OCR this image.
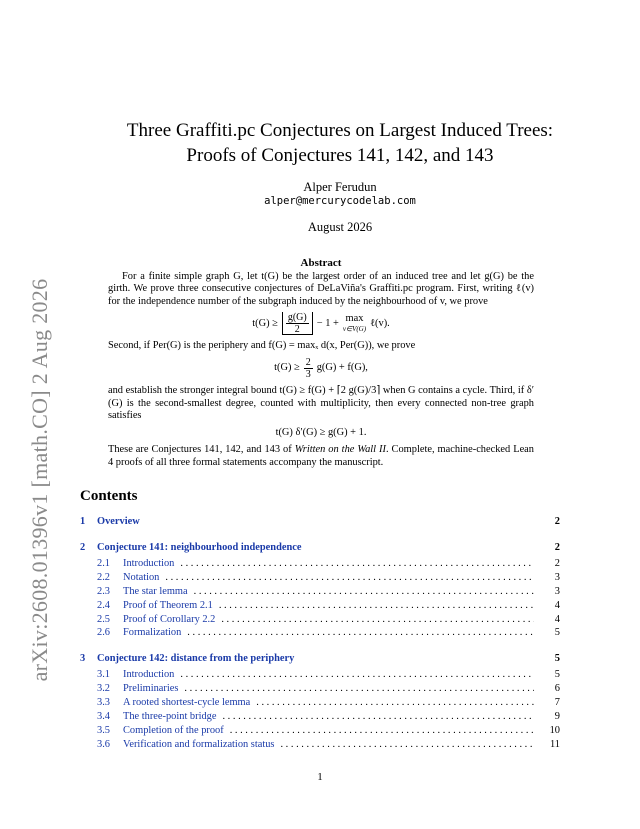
arXiv:2608.01396v1 [math.CO] 2 Aug 2026
Three Graffiti.pc Conjectures on Largest Induced Trees:
Proofs of Conjectures 141, 142, and 143
Alper Ferudun
alper@mercurycodelab.com
August 2026
Abstract

For a finite simple graph G, let t(G) be the largest order of an induced tree and let g(G) be the girth. We prove three consecutive conjectures of DeLaViña's Graffiti.pc program. First, writing ℓ(v) for the independence number of the subgraph induced by the neighbourhood of v, we prove

$t(G) \ge \frac{g(G)}{2} - 1 + \max$
v∈V(G)
ℓ(v).

Second, if Per(G) is the periphery and f(G) = maxₓ d(x, Per(G)), we prove

$t(G) \ge \frac{2}{3} g(G) + f(G)$,

and establish the stronger integral bound t(G) ≥ f(G) + ⌈2 g(G)/3⌉ when G contains a cycle. Third, if δ′(G) is the second-smallest degree, counted with multiplicity, then every connected non-tree graph satisfies

t(G) δ′(G) ≥ g(G) + 1.

These are Conjectures 141, 142, and 143 of Written on the Wall II. Complete, machine-checked Lean 4 proofs of all three formal statements accompany the manuscript.

Contents
1	Overview	2
2	Conjecture 141: neighbourhood independence	2
2.1	Introduction . . .	2
2.2	Notation . . .	3
2.3	The star lemma . . .	3
2.4	Proof of Theorem 2.1 . . .	4
2.5	Proof of Corollary 2.2 . . .	4
2.6	Formalization . . .	5
3	Conjecture 142: distance from the periphery	5
3.1	Introduction . . .	5
3.2	Preliminaries . . .	6
3.3	A rooted shortest-cycle lemma . . .	7
3.4	The three-point bridge . . .	9
3.5	Completion of the proof . . .	10
3.6	Verification and formalization status . . .	11
1
